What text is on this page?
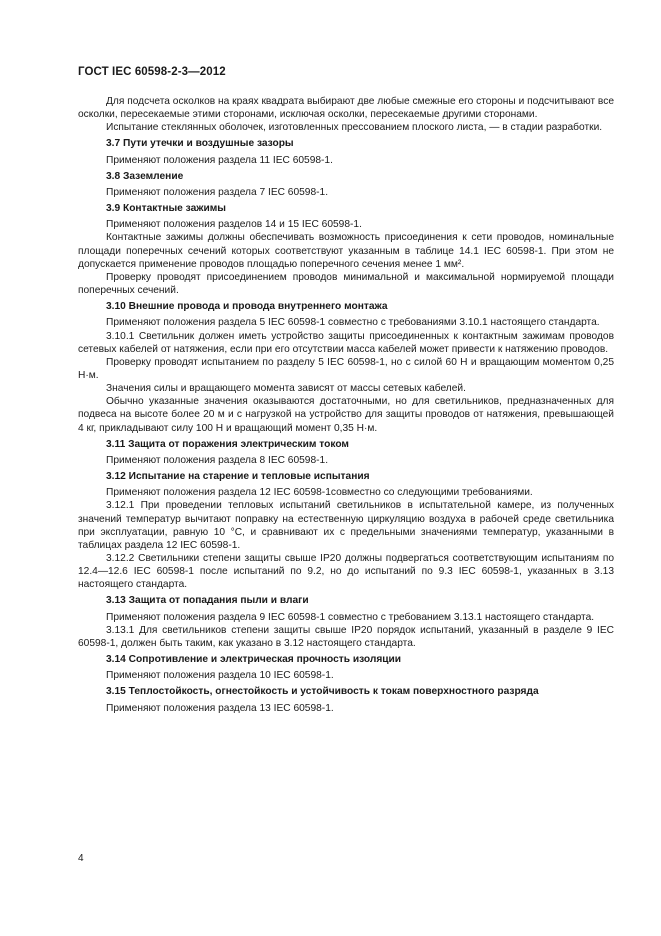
ГОСТ IEC 60598-2-3—2012

Для подсчета осколков на краях квадрата выбирают две любые смежные его стороны и подсчитывают все осколки, пересекаемые этими сторонами, исключая осколки, пересекаемые другими сторонами.

Испытание стеклянных оболочек, изготовленных прессованием плоского листа, — в стадии разработки.

3.7 Пути утечки и воздушные зазоры

Применяют положения раздела 11 IEC 60598-1.

3.8 Заземление

Применяют положения раздела 7 IEC 60598-1.

3.9 Контактные зажимы

Применяют положения разделов 14 и 15 IEC 60598-1.

Контактные зажимы должны обеспечивать возможность присоединения к сети проводов, номинальные площади поперечных сечений которых соответствуют указанным в таблице 14.1 IEC 60598-1. При этом не допускается применение проводов площадью поперечного сечения менее 1 мм².

Проверку проводят присоединением проводов минимальной и максимальной нормируемой площади поперечных сечений.

3.10 Внешние провода и провода внутреннего монтажа

Применяют положения раздела 5 IEC 60598-1 совместно с требованиями 3.10.1 настоящего стандарта.

3.10.1 Светильник должен иметь устройство защиты присоединенных к контактным зажимам проводов сетевых кабелей от натяжения, если при его отсутствии масса кабелей может привести к натяжению проводов.

Проверку проводят испытанием по разделу 5 IEC 60598-1, но с силой 60 Н и вращающим моментом 0,25 Н·м.

Значения силы и вращающего момента зависят от массы сетевых кабелей.

Обычно указанные значения оказываются достаточными, но для светильников, предназначенных для подвеса на высоте более 20 м и с нагрузкой на устройство для защиты проводов от натяжения, превышающей 4 кг, прикладывают силу 100 Н и вращающий момент 0,35 Н·м.

3.11 Защита от поражения электрическим током

Применяют положения раздела 8 IEC 60598-1.

3.12 Испытание на старение и тепловые испытания

Применяют положения раздела 12 IEC 60598-1совместно со следующими требованиями.

3.12.1 При проведении тепловых испытаний светильников в испытательной камере, из полученных значений температур вычитают поправку на естественную циркуляцию воздуха в рабочей среде светильника при эксплуатации, равную 10 °С, и сравнивают их с предельными значениями температур, указанными в таблицах раздела 12 IEC 60598-1.

3.12.2 Светильники степени защиты свыше IP20 должны подвергаться соответствующим испытаниям по 12.4—12.6 IEC 60598-1 после испытаний по 9.2, но до испытаний по 9.3 IEC 60598-1, указанных в 3.13 настоящего стандарта.

3.13 Защита от попадания пыли и влаги

Применяют положения раздела 9 IEC 60598-1 совместно с требованием 3.13.1 настоящего стандарта.

3.13.1 Для светильников степени защиты свыше IP20 порядок испытаний, указанный в разделе 9 IEC 60598-1, должен быть таким, как указано в 3.12 настоящего стандарта.

3.14 Сопротивление и электрическая прочность изоляции

Применяют положения раздела 10 IEC 60598-1.

3.15 Теплостойкость, огнестойкость и устойчивость к токам поверхностного разряда

Применяют положения раздела 13 IEC 60598-1.

4
